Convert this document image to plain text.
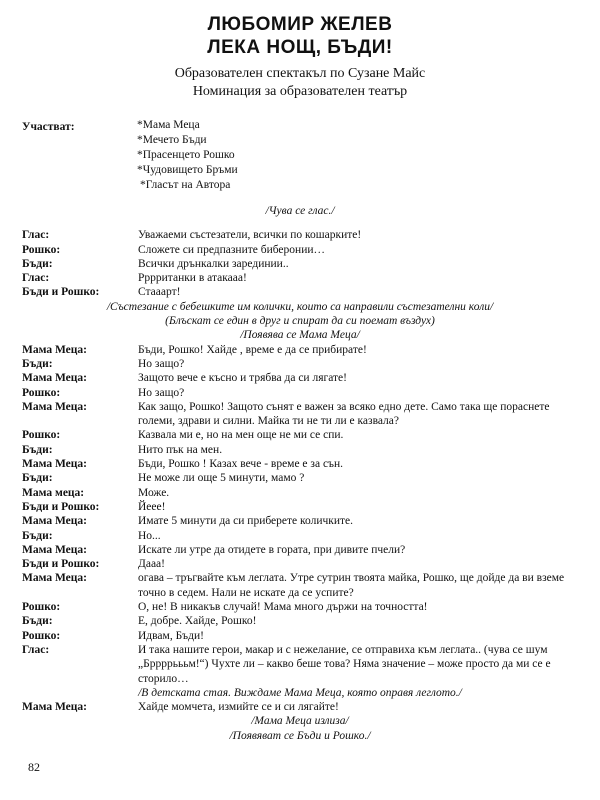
ЛЮБОМИР ЖЕЛЕВ
ЛЕКА НОЩ, БЪДИ!
Образователен спектакъл по Сузане Майс
Номинация за образователен театър
Участват:	*Мама Меца
*Мечето Бъди
*Прасенцето Рошко
*Чудовището Бръми
*Гласът на Автора
/Чува се глас./
Глас:	Уважаеми състезатели, всички по кошарките!
Рошко:	Сложете си предпазните биберонии…
Бъди:	Всички дрънкалки зарединии..
Глас:	Рррританки в атакааа!
Бъди и Рошко:	Стааарт!
/Състезание с бебешките им колички, които са направили състезателни коли/
(Блъскат се един в друг и спират да си поемат въздух)
/Появява се Мама Меца/
Мама Меца:	Бъди, Рошко! Хайде , време е да се прибирате!
Бъди:	Но защо?
Мама Меца:	Защото вече е късно и трябва да си лягате!
Рошко:	Но защо?
Мама Меца:	Как защо, Рошко! Защото сънят е важен за всяко едно дете. Само така ще пораснете големи, здрави и силни. Майка ти не ти ли е казвала?
Рошко:	Казвала ми е, но на мен още не ми се спи.
Бъди:	Нито пък на мен.
Мама Меца:	Бъди, Рошко ! Казах вече - време е за сън.
Бъди:	Не може ли още 5 минути, мамо ?
Мама меца:	Може.
Бъди и Рошко:	Йеее!
Мама Меца:	Имате 5 минути да си приберете количките.
Бъди:	Но...
Мама Меца:	Искате ли утре да отидете в гората, при дивите пчели?
Бъди и Рошко:	Дааа!
Мама Меца:	огава – тръгвайте към леглата. Утре сутрин твоята майка, Рошко, ще дойде да ви вземе точно в седем. Нали не искате да се успите?
Рошко:	О, не! В никакъв случай! Мама много държи на точността!
Бъди:	Е, добре. Хайде, Рошко!
Рошко:	Идвам, Бъди!
Глас:	И така нашите герои, макар и с нежелание, се отправиха към леглата.. (чува се шум „Бррррьььм!“) Чухте ли – какво беше това? Няма значение – може просто да ми се е сторило…
/В детската стая. Виждаме Мама Меца, която оправя леглото./
Мама Меца:	Хайде момчета, измийте се и си лягайте!
/Мама Меца излиза/
/Появяват се Бъди и Рошко./
82
